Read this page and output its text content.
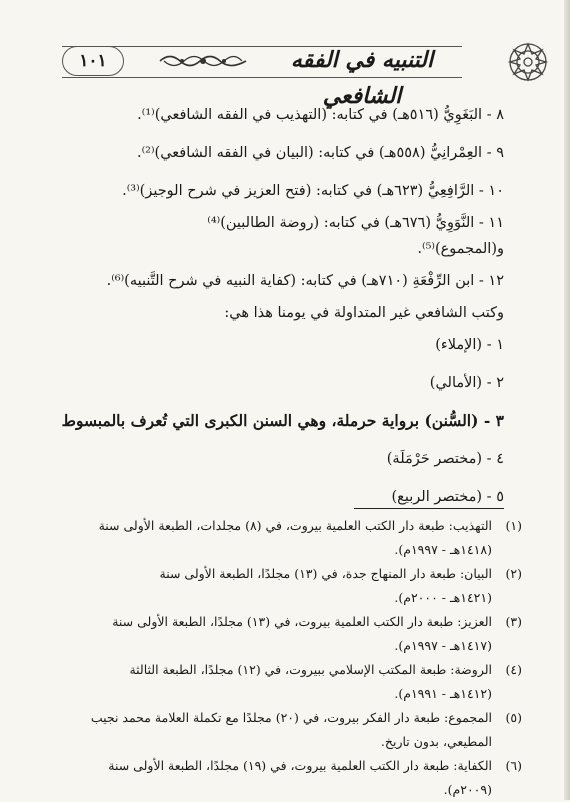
١٠١	التنبيه في الفقه الشافعي
٨ - البَغَوِيُّ (٥١٦هـ) في كتابه: (التهذيب في الفقه الشافعي)⁽¹⁾.
٩ - العِمْرانِيُّ (٥٥٨هـ) في كتابه: (البيان في الفقه الشافعي)⁽²⁾.
١٠ - الرَّافِعِيُّ (٦٢٣هـ) في كتابه: (فتح العزيز في شرح الوجيز)⁽³⁾.
١١ - النَّوَوِيُّ (٦٧٦هـ) في كتابه: (روضة الطالبين)⁽⁴⁾
و(المجموع)⁽⁵⁾.
١٢ - ابن الرِّفْعَةِ (٧١٠هـ) في كتابه: (كفاية النبيه في شرح التَّنبيه)⁽⁶⁾.
وكتب الشافعي غير المتداولة في يومنا هذا هي:
١ - (الإملاء)
٢ - (الأمالي)
٣ - (السُّنن) برواية حرملة، وهي السنن الكبرى التي تُعرف بالمبسوط
٤ - (مختصر حَرْمَلَة)
٥ - (مختصر الربيع)
(١)
التهذيب: طبعة دار الكتب العلمية بيروت، في (٨) مجلدات، الطبعة الأولى سنة
(١٤١٨هـ - ١٩٩٧م).
(٢)
البيان: طبعة دار المنهاج جدة، في (١٣) مجلدًا، الطبعة الأولى سنة
(١٤٢١هـ - ٢٠٠٠م).
(٣)
العزيز: طبعة دار الكتب العلمية بيروت، في (١٣) مجلدًا، الطبعة الأولى سنة
(١٤١٧هـ - ١٩٩٧م).
(٤)
الروضة: طبعة المكتب الإسلامي ببيروت، في (١٢) مجلدًا، الطبعة الثالثة
(١٤١٢هـ - ١٩٩١م).
(٥)
المجموع: طبعة دار الفكر بيروت، في (٢٠) مجلدًا مع تكملة العلامة محمد نجيب
المطيعي، بدون تاريخ.
(٦)
الكفاية: طبعة دار الكتب العلمية بيروت، في (١٩) مجلدًا، الطبعة الأولى سنة
(٢٠٠٩م).
